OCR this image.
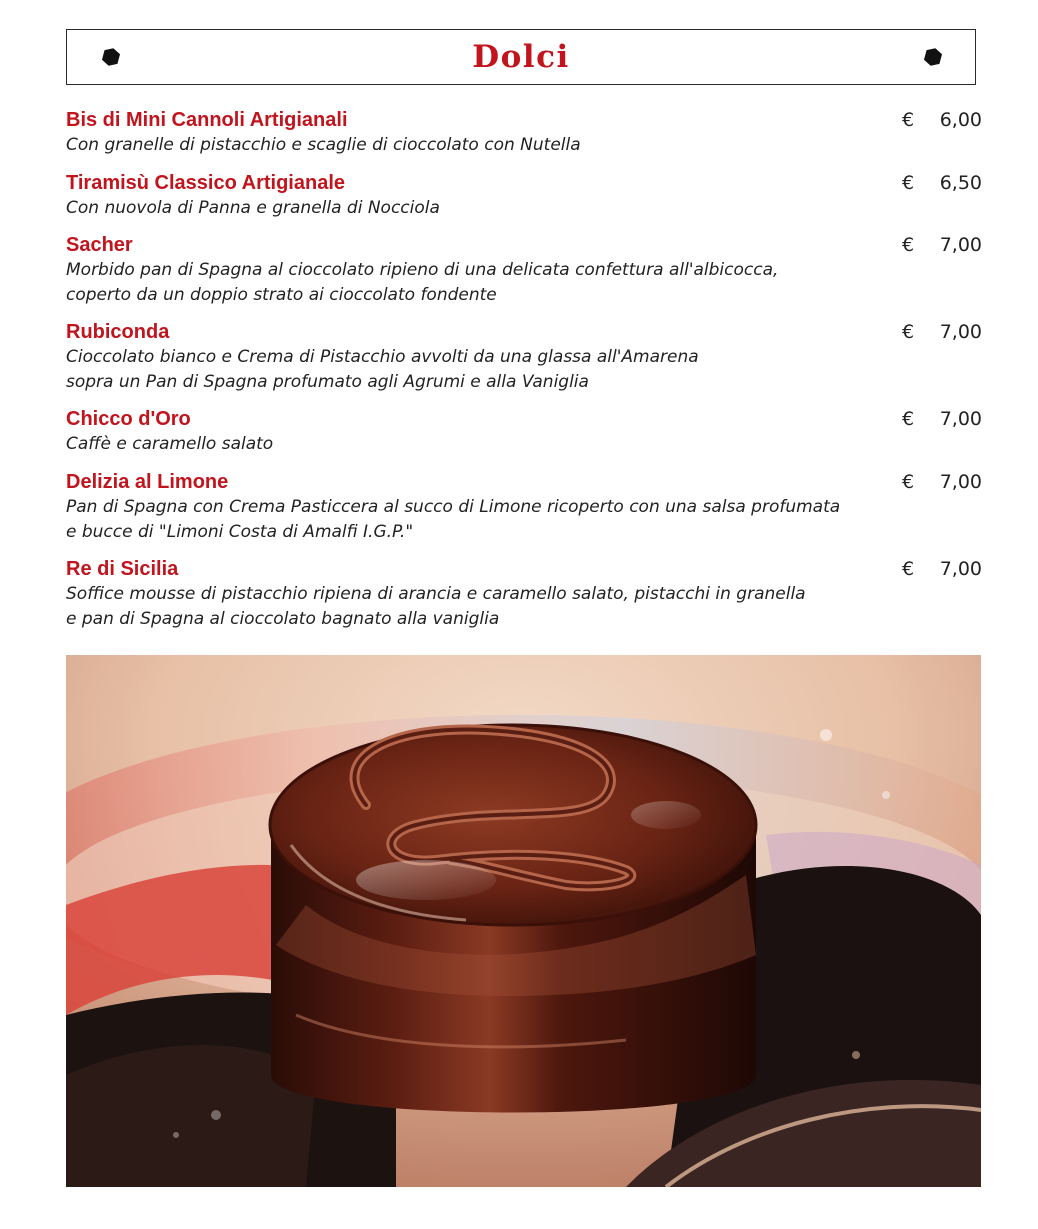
Dolci
Bis di Mini Cannoli Artigianali
Con granelle di pistacchio e scaglie di cioccolato con Nutella
€ 6,00
Tiramisù Classico Artigianale
Con nuovola di Panna e granella di Nocciola
€ 6,50
Sacher
Morbido pan di Spagna al cioccolato ripieno di una delicata confettura all'albicocca,
coperto da un doppio strato ai cioccolato fondente
€ 7,00
Rubiconda
Cioccolato bianco e Crema di Pistacchio avvolti da una glassa all'Amarena
sopra un Pan di Spagna profumato agli Agrumi e alla Vaniglia
€ 7,00
Chicco d'Oro
Caffè e caramello salato
€ 7,00
Delizia al Limone
Pan di Spagna con Crema Pasticcera al succo di Limone ricoperto con una salsa profumata
e bucce di "Limoni Costa di Amalfi I.G.P."
€ 7,00
Re di Sicilia
Soffice mousse di pistacchio ripiena di arancia e caramello salato, pistacchi in granella
e pan di Spagna al cioccolato bagnato alla vaniglia
€ 7,00
